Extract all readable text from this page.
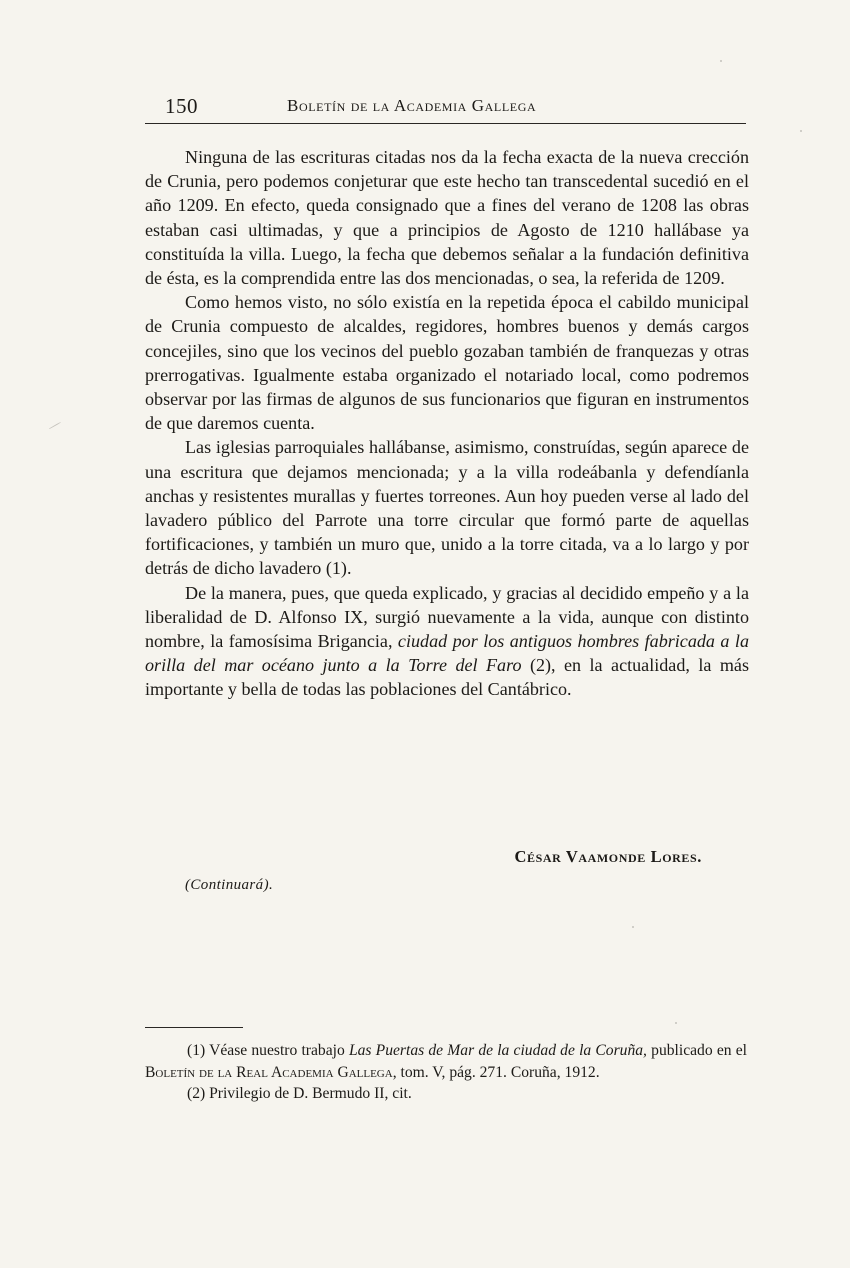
150	Boletín de la Academia Gallega

Ninguna de las escrituras citadas nos da la fecha exacta de la nueva crección de Crunia, pero podemos conjeturar que este hecho tan transcedental sucedió en el año 1209. En efecto, queda consignado que a fines del verano de 1208 las obras estaban casi ultimadas, y que a principios de Agosto de 1210 hallábase ya constituída la villa. Luego, la fecha que debemos señalar a la fundación definitiva de ésta, es la comprendida entre las dos mencionadas, o sea, la referida de 1209.

Como hemos visto, no sólo existía en la repetida época el cabildo municipal de Crunia compuesto de alcaldes, regidores, hombres buenos y demás cargos concejiles, sino que los vecinos del pueblo gozaban también de franquezas y otras prerrogativas. Igualmente estaba organizado el notariado local, como podremos observar por las firmas de algunos de sus funcionarios que figuran en instrumentos de que daremos cuenta.

Las iglesias parroquiales hallábanse, asimismo, construídas, según aparece de una escritura que dejamos mencionada; y a la villa rodeábanla y defendíanla anchas y resistentes murallas y fuertes torreones. Aun hoy pueden verse al lado del lavadero público del Parrote una torre circular que formó parte de aquellas fortificaciones, y también un muro que, unido a la torre citada, va a lo largo y por detrás de dicho lavadero (1).

De la manera, pues, que queda explicado, y gracias al decidido empeño y a la liberalidad de D. Alfonso IX, surgió nuevamente a la vida, aunque con distinto nombre, la famosísima Brigancia, ciudad por los antiguos hombres fabricada a la orilla del mar océano junto a la Torre del Faro (2), en la actualidad, la más importante y bella de todas las poblaciones del Cantábrico.

César Vaamonde Lores.
(Continuará).

(1) Véase nuestro trabajo Las Puertas de Mar de la ciudad de la Coruña, publicado en el Boletín de la Real Academia Gallega, tom. V, pág. 271. Coruña, 1912.

(2) Privilegio de D. Bermudo II, cit.
